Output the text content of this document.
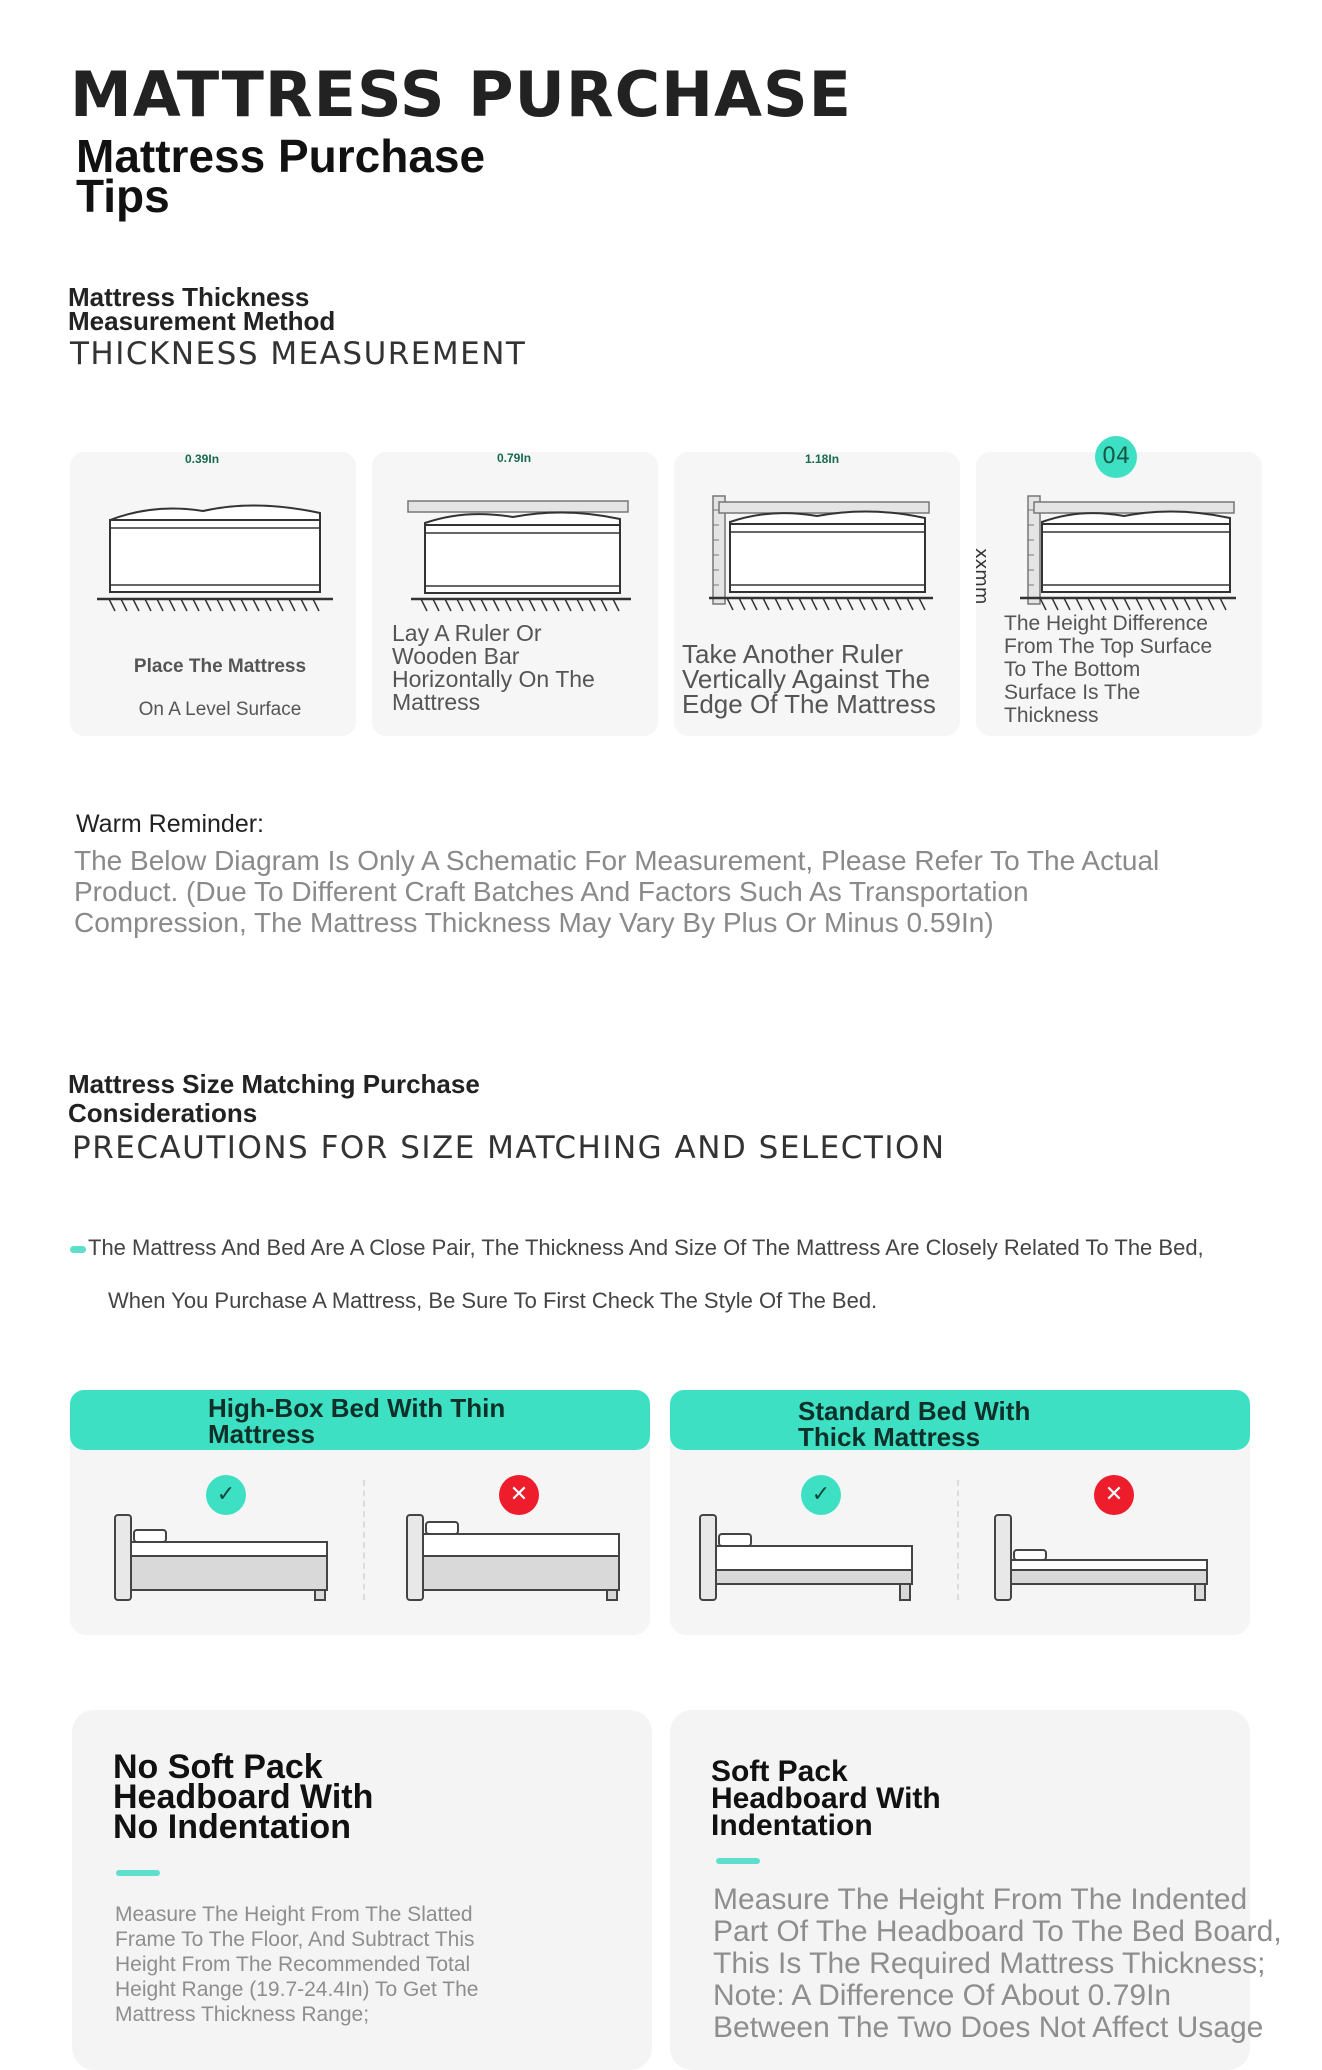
MATTRESS PURCHASE
Mattress Purchase Tips
Mattress Thickness Measurement Method
THICKNESS MEASUREMENT
0.39In	0.79In	1.18In	04
xxmm
Place The Mattress
On A Level Surface
Lay A Ruler Or
Wooden Bar
Horizontally On The
Mattress
Take Another Ruler
Vertically Against The
Edge Of The Mattress
The Height Difference
From The Top Surface
To The Bottom
Surface Is The
Thickness
Warm Reminder:
The Below Diagram Is Only A Schematic For Measurement, Please Refer To The Actual
Product. (Due To Different Craft Batches And Factors Such As Transportation
Compression, The Mattress Thickness May Vary By Plus Or Minus 0.59In)
Mattress Size Matching Purchase Considerations
PRECAUTIONS FOR SIZE MATCHING AND SELECTION
The Mattress And Bed Are A Close Pair, The Thickness And Size Of The Mattress Are Closely Related To The Bed,
When You Purchase A Mattress, Be Sure To First Check The Style Of The Bed.
High-Box Bed With Thin Mattress
✓	✕
Standard Bed With Thick Mattress
✓	✕
No Soft Pack
Headboard With
No Indentation
Measure The Height From The Slatted
Frame To The Floor, And Subtract This
Height From The Recommended Total
Height Range (19.7-24.4In) To Get The
Mattress Thickness Range;
Soft Pack
Headboard With
Indentation
Measure The Height From The Indented
Part Of The Headboard To The Bed Board,
This Is The Required Mattress Thickness;
Note: A Difference Of About 0.79In
Between The Two Does Not Affect Usage
